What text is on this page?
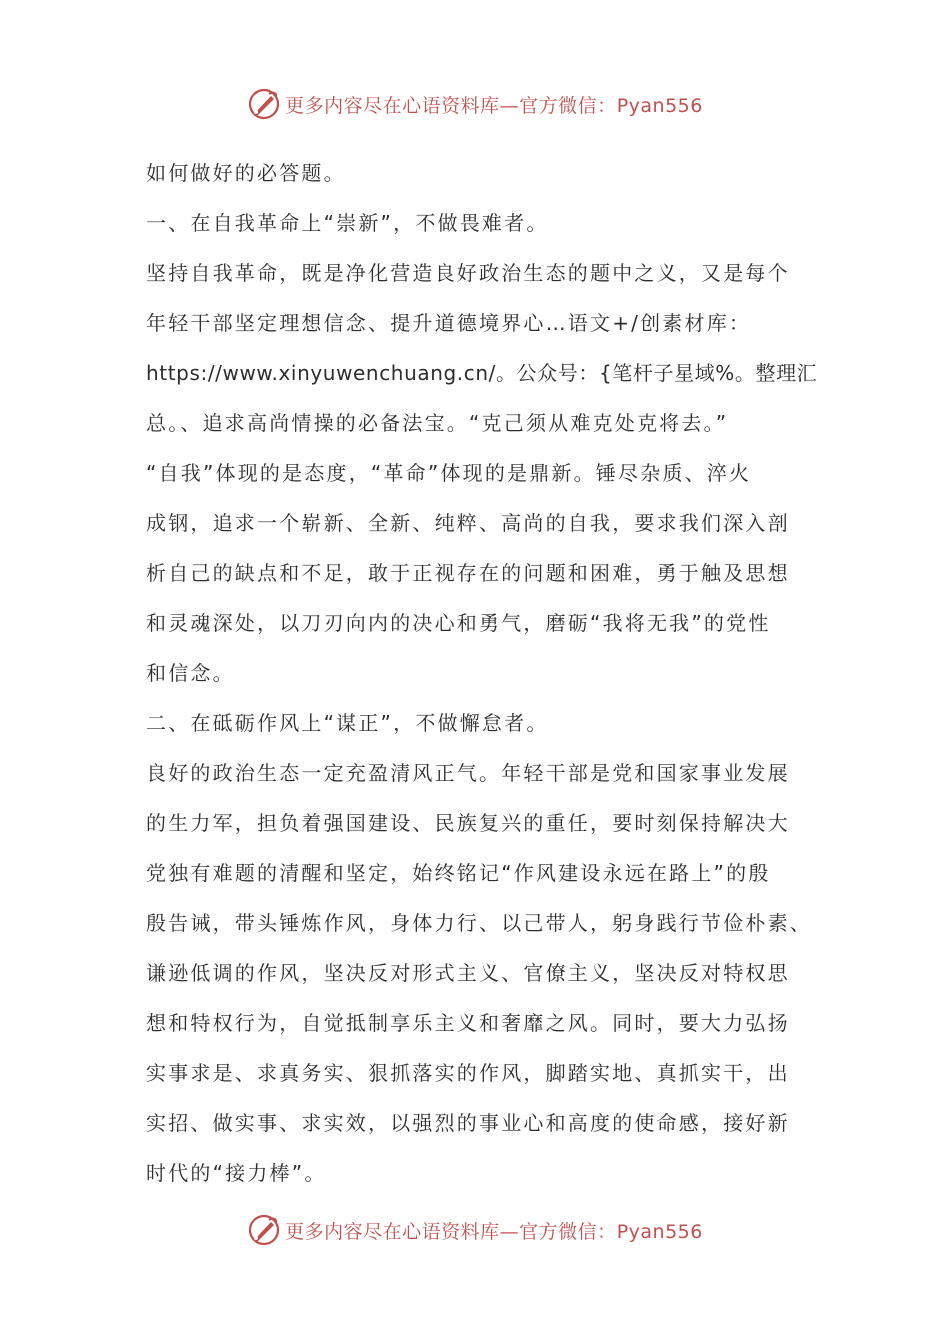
更多内容尽在心语资料库—官方微信：Pyan556
如何做好的必答题。
一、在自我革命上“崇新”，不做畏难者。
坚持自我革命，既是净化营造良好政治生态的题中之义，又是每个
年轻干部坚定理想信念、提升道德境界心…语文+/创素材库：
https://www.xinyuwenchuang.cn/。公众号：{笔杆子星域%。整理汇
总。、追求高尚情操的必备法宝。“克己须从难克处克将去。”
“自我”体现的是态度，“革命”体现的是鼎新。锤尽杂质、淬火
成钢，追求一个崭新、全新、纯粹、高尚的自我，要求我们深入剖
析自己的缺点和不足，敢于正视存在的问题和困难，勇于触及思想
和灵魂深处，以刀刃向内的决心和勇气，磨砺“我将无我”的党性
和信念。
二、在砥砺作风上“谋正”，不做懈怠者。
良好的政治生态一定充盈清风正气。年轻干部是党和国家事业发展
的生力军，担负着强国建设、民族复兴的重任，要时刻保持解决大
党独有难题的清醒和坚定，始终铭记“作风建设永远在路上”的殷
殷告诫，带头锤炼作风，身体力行、以己带人，躬身践行节俭朴素、
谦逊低调的作风，坚决反对形式主义、官僚主义，坚决反对特权思
想和特权行为，自觉抵制享乐主义和奢靡之风。同时，要大力弘扬
实事求是、求真务实、狠抓落实的作风，脚踏实地、真抓实干，出
实招、做实事、求实效，以强烈的事业心和高度的使命感，接好新
时代的“接力棒”。
更多内容尽在心语资料库—官方微信：Pyan556
